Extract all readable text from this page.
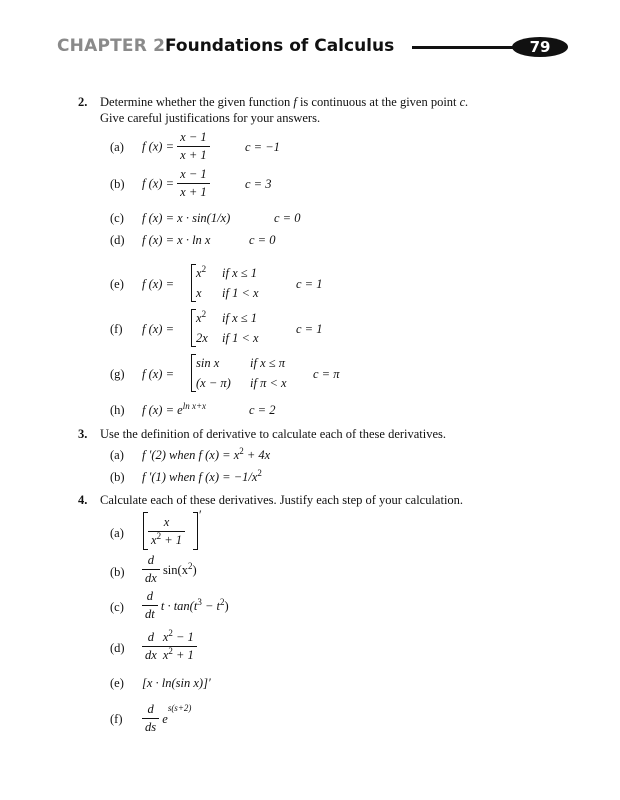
CHAPTER 2 Foundations of Calculus	79
2. Determine whether the given function f is continuous at the given point c.
Give careful justifications for your answers.
(a) f $(x) = \frac{x - 1}{x + 1}$	c = −1
(b) f $(x) = \frac{x - 1}{x + 1}$	c = 3
(c) f (x) = x · sin(1/x)	c = 0
(d) f (x) = x · ln x	c = 0
(e) f (x) =
$x^2$ if x ≤ 1
x if 1 < x
c = 1
(f) f (x) =
$x^2$ if x ≤ 1
2x if 1 < x
c = 1
(g) f (x) =
sin x if x ≤ π
(x − π) if π < x
c = π
(h) f $(x) = e^{ln x+x}$	c = 2
3. Use the definition of derivative to calculate each of these derivatives.
(a) f ′(2) when f $(x) = x^2 + 4x$
(b) f ′(1) when f $(x) = -1/x^2$
4. Calculate each of these derivatives. Justify each step of your calculation.
$(a) \frac{x}{x^2 + 1}$ ′
$(b) \frac{d}{dx} \sin(x^2)$
$(c) \frac{d}{dt}$ $t \cdot \tan(t^3 - t^2)$
$(d) \frac{d}{dx} \frac{x^2 - 1}{x^2 + 1}$
(e) [x · ln(sin x)]′
$(f) \frac{d}{ds} e^{s(s+2)}$
